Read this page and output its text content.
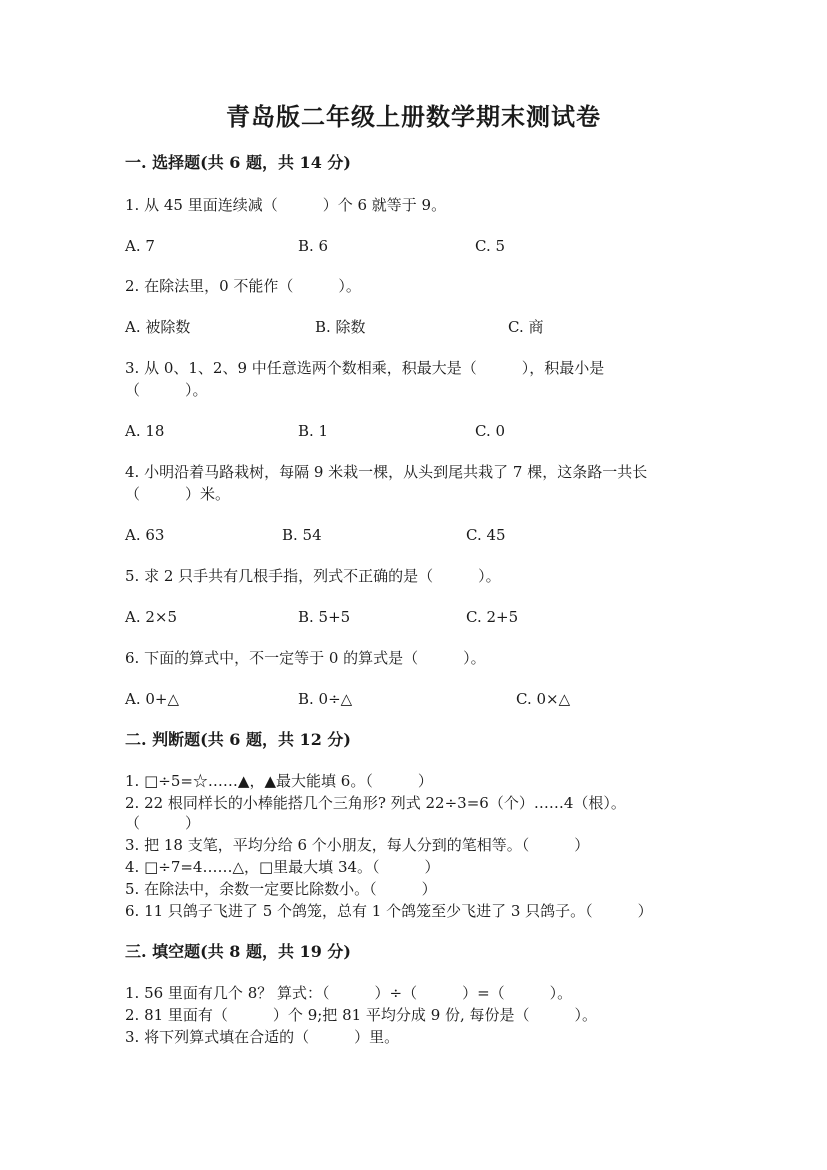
青岛版二年级上册数学期末测试卷
一. 选择题(共 6 题，共 14 分)
1. 从 45 里面连续减（　　　）个 6 就等于 9。
A. 7	B. 6	C. 5
2. 在除法里，0 不能作（　　　）。
A. 被除数	B. 除数	C. 商
3. 从 0、1、2、9 中任意选两个数相乘，积最大是（　　　），积最小是
（　　　）。
A. 18	B. 1	C. 0
4. 小明沿着马路栽树，每隔 9 米栽一棵，从头到尾共栽了 7 棵，这条路一共长
（　　　）米。
A. 63	B. 54	C. 45
5. 求 2 只手共有几根手指，列式不正确的是（　　　）。
A. 2×5	B. 5+5	C. 2+5
6. 下面的算式中，不一定等于 0 的算式是（　　　）。
A. 0+△	B. 0÷△	C. 0×△
二. 判断题(共 6 题，共 12 分)
1. □÷5=☆……▲，▲最大能填 6。（　　　）
2. 22 根同样长的小棒能搭几个三角形? 列式 22÷3=6（个）……4（根）。
（　　　）
3. 把 18 支笔，平均分给 6 个小朋友，每人分到的笔相等。（　　　）
4. □÷7=4……△，□里最大填 34。（　　　）
5. 在除法中，余数一定要比除数小。（　　　）
6. 11 只鸽子飞进了 5 个鸽笼，总有 1 个鸽笼至少飞进了 3 只鸽子。（　　　）
三. 填空题(共 8 题，共 19 分)
1. 56 里面有几个 8？ 算式：（　　　）÷（　　　）=（　　　）。
2. 81 里面有（　　　）个 9;把 81 平均分成 9 份, 每份是（　　　）。
3. 将下列算式填在合适的（　　　）里。
